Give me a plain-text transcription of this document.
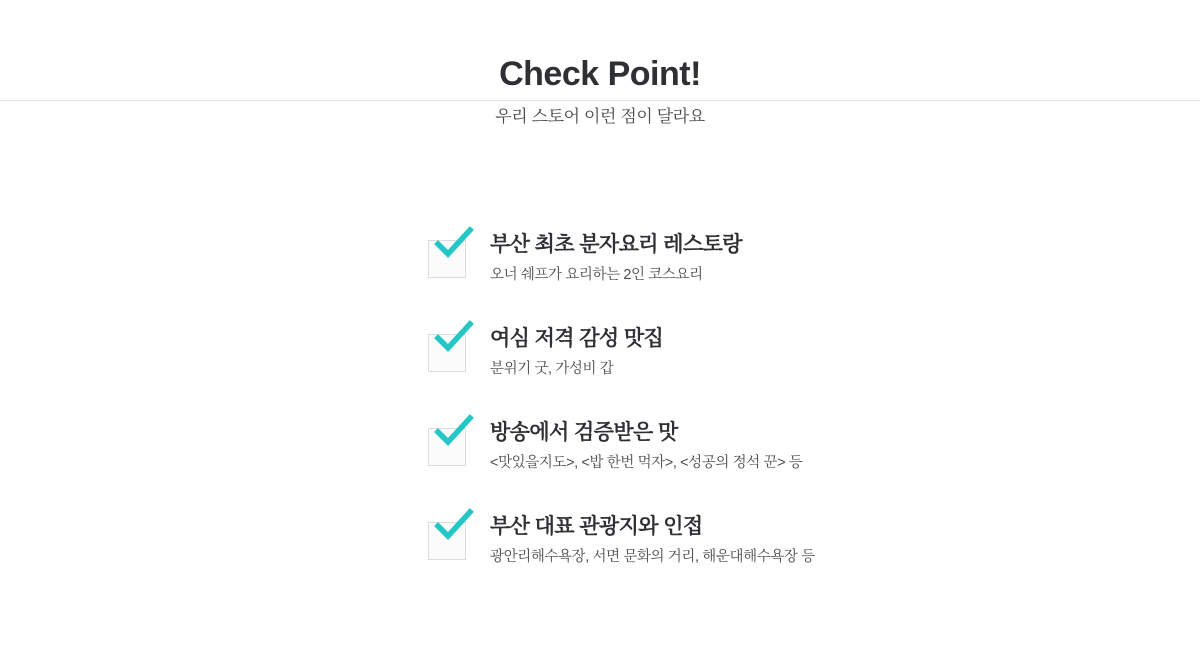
Check Point!

우리 스토어 이런 점이 달라요

부산 최초 분자요리 레스토랑

오너 쉐프가 요리하는 2인 코스요리

여심 저격 감성 맛집

분위기 굿, 가성비 갑

방송에서 검증받은 맛

<맛있을지도>, <밥 한번 먹자>, <성공의 정석 꾼> 등

부산 대표 관광지와 인접

광안리해수욕장, 서면 문화의 거리, 해운대해수욕장 등
